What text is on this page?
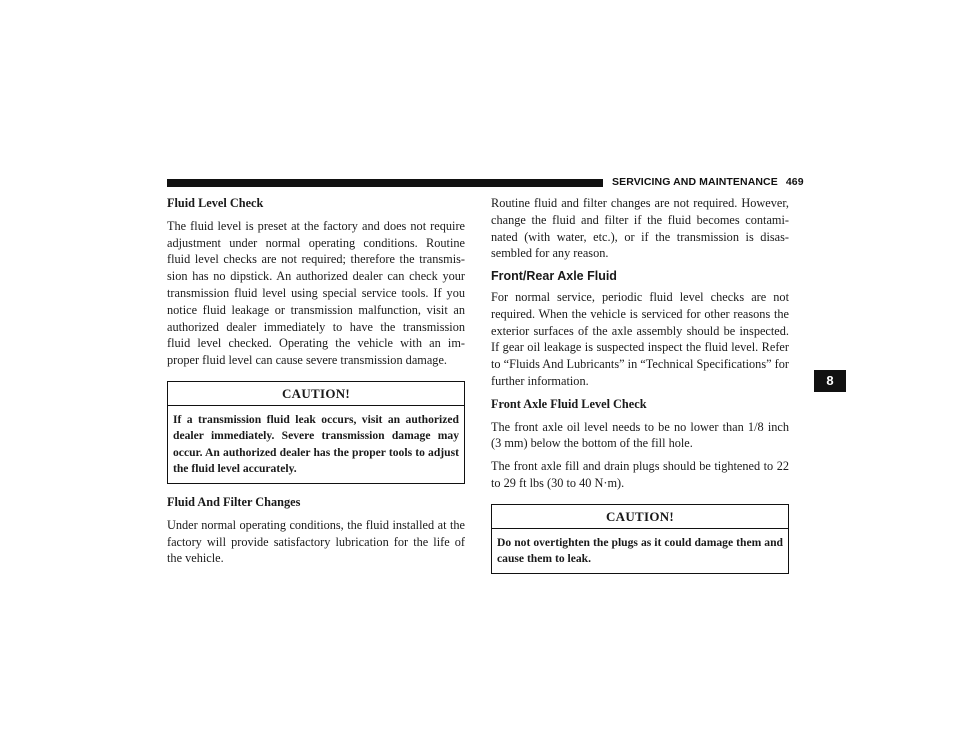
SERVICING AND MAINTENANCE 469
8
Fluid Level Check

The fluid level is preset at the factory and does not require adjustment under normal operating conditions. Routine fluid level checks are not required; therefore the transmis- sion has no dipstick. An authorized dealer can check your transmission fluid level using special service tools. If you notice fluid leakage or transmission malfunction, visit an authorized dealer immediately to have the transmission fluid level checked. Operating the vehicle with an im- proper fluid level can cause severe transmission damage.

CAUTION!
If a transmission fluid leak occurs, visit an authorized dealer immediately. Severe transmission damage may occur. An authorized dealer has the proper tools to adjust the fluid level accurately.
Fluid And Filter Changes

Under normal operating conditions, the fluid installed at the factory will provide satisfactory lubrication for the life of the vehicle.

Routine fluid and filter changes are not required. However, change the fluid and filter if the fluid becomes contami- nated (with water, etc.), or if the transmission is disas- sembled for any reason.

Front/Rear Axle Fluid

For normal service, periodic fluid level checks are not required. When the vehicle is serviced for other reasons the exterior surfaces of the axle assembly should be inspected. If gear oil leakage is suspected inspect the fluid level. Refer to “Fluids And Lubricants” in “Technical Specifications” for further information.

Front Axle Fluid Level Check

The front axle oil level needs to be no lower than 1/8 inch (3 mm) below the bottom of the fill hole.

The front axle fill and drain plugs should be tightened to 22 to 29 ft lbs (30 to 40 N·m).

CAUTION!
Do not overtighten the plugs as it could damage them and cause them to leak.
